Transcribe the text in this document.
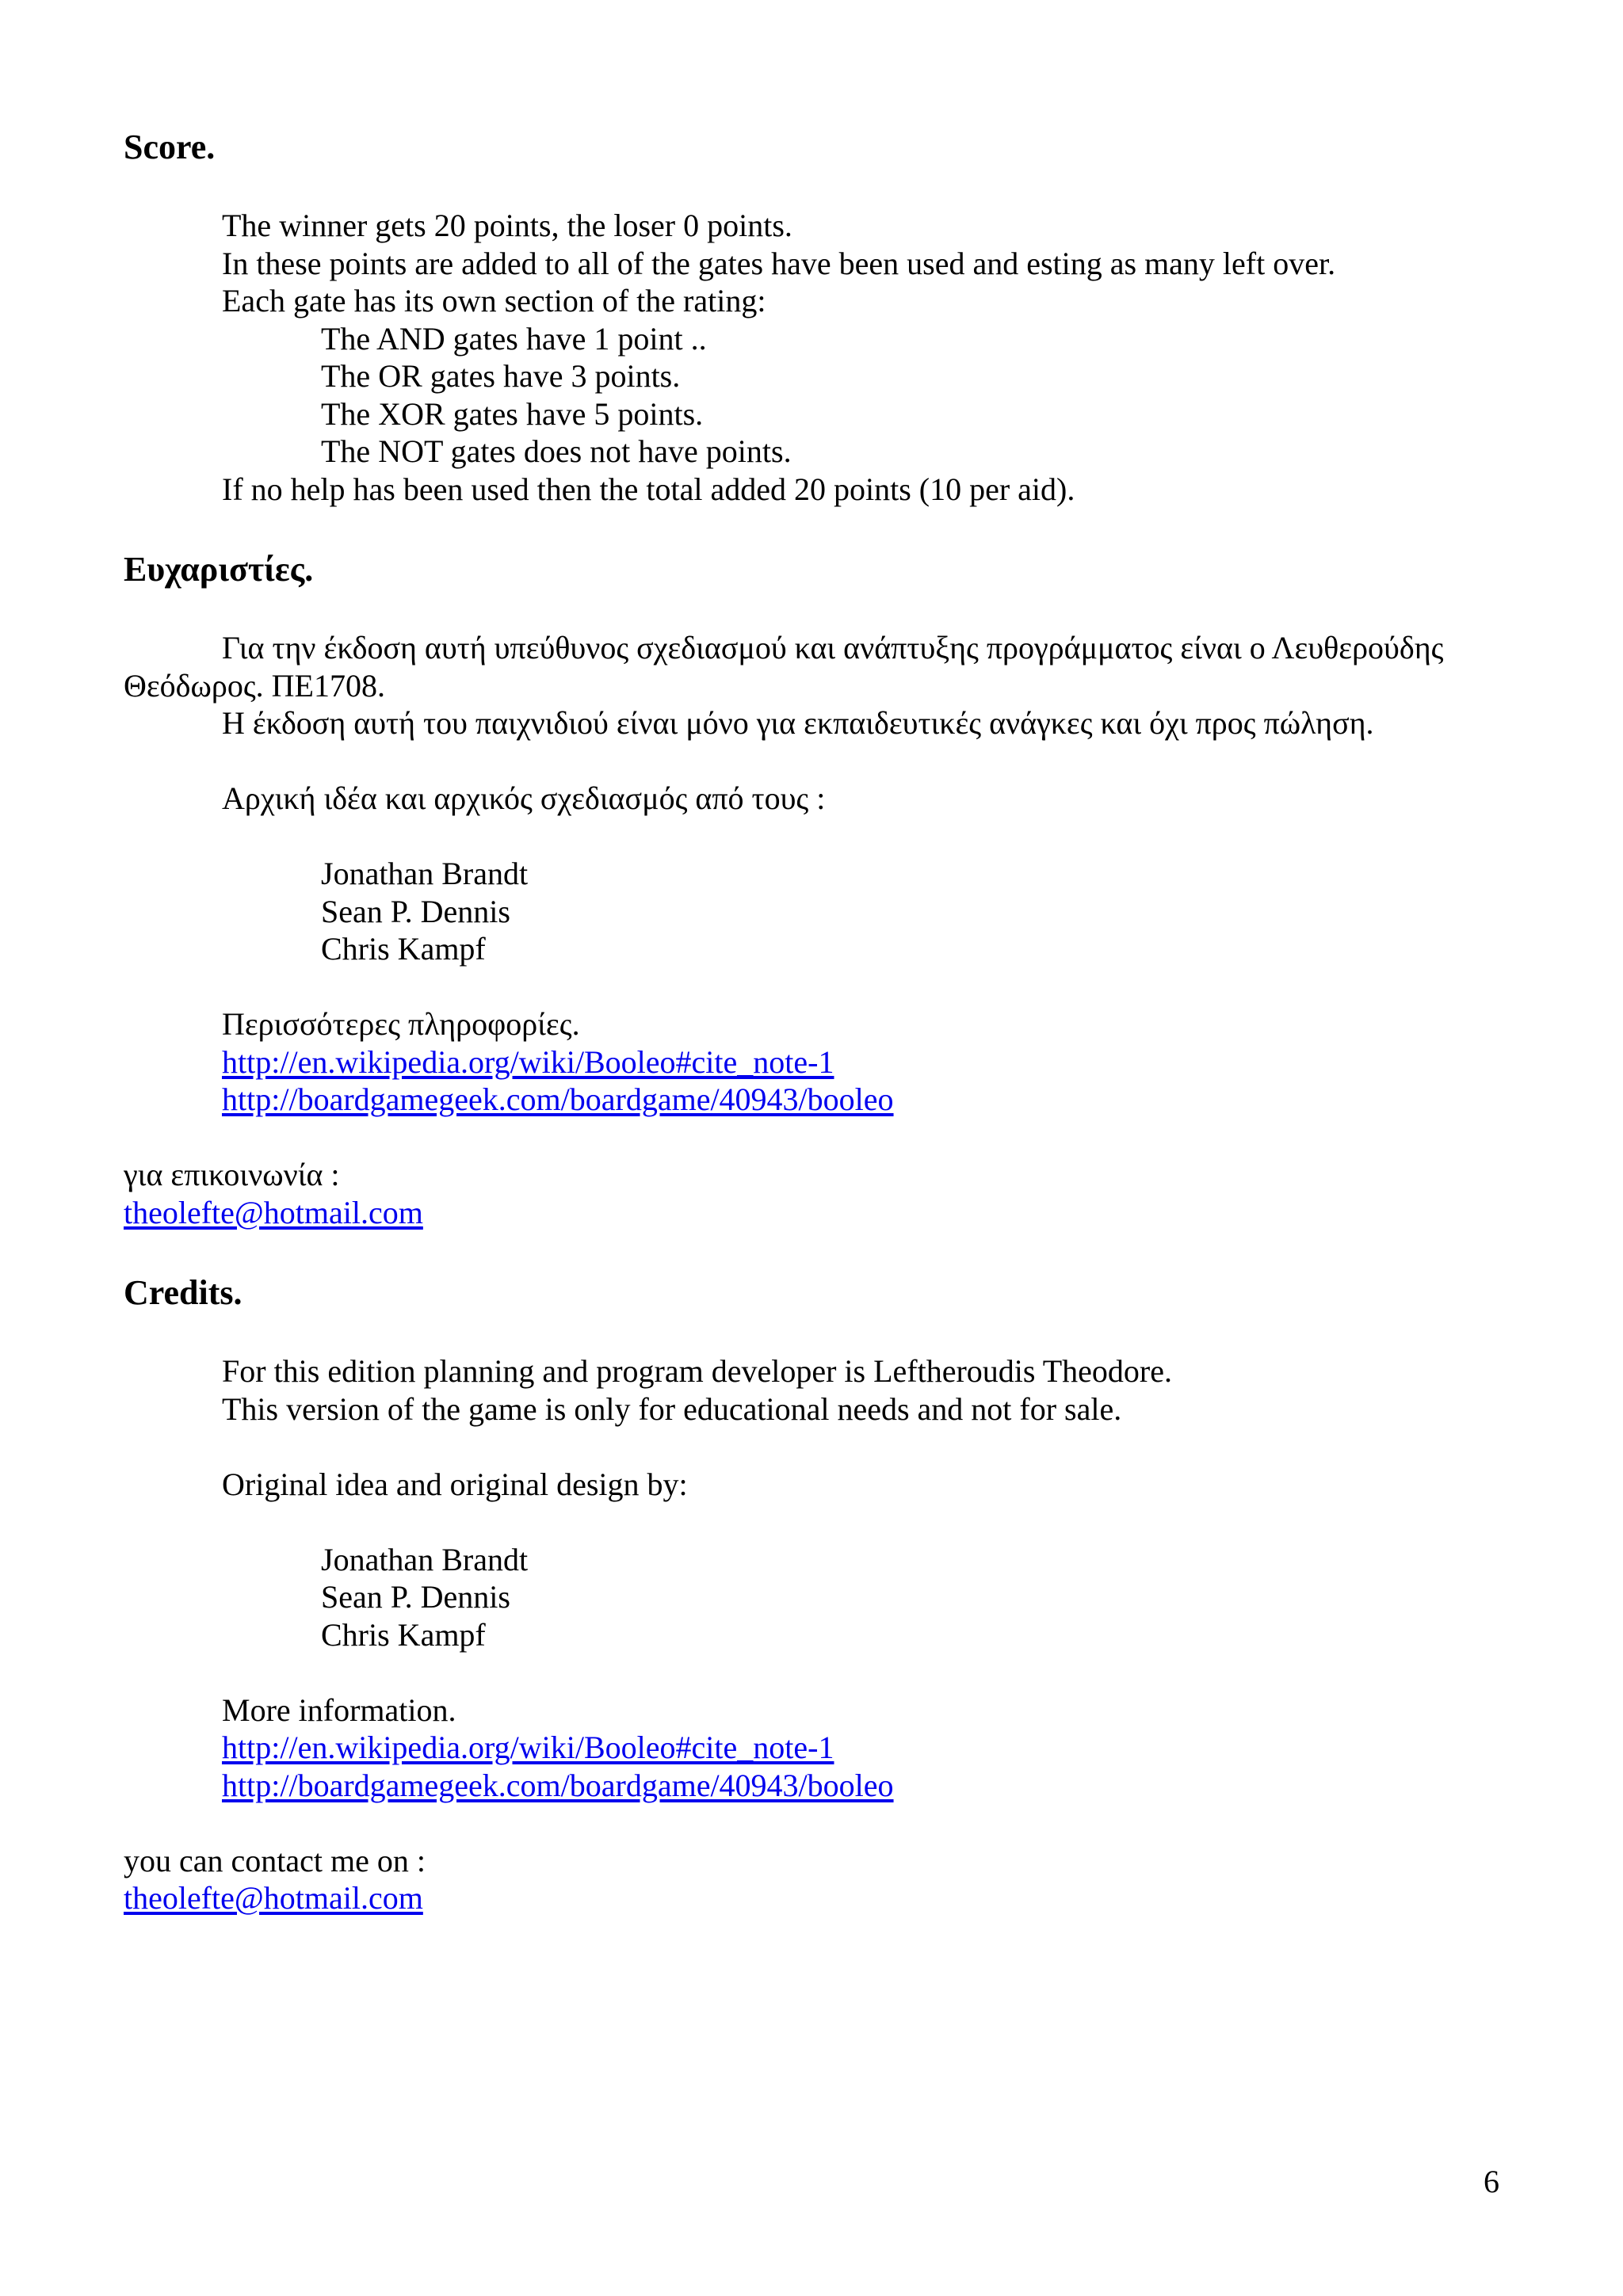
Score.
The winner gets 20 points, the loser 0 points.
In these points are added to all of the gates have been used and esting as many left over.
Each gate has its own section of the rating:
The AND gates have 1 point ..
The OR gates have 3 points.
The XOR gates have 5 points.
The NOT gates does not have points.
If no help has been used then the total added 20 points (10 per aid).
Ευχαριστίες.
Για την έκδοση αυτή υπεύθυνος σχεδιασμού και ανάπτυξης προγράμματος είναι ο Λευθερούδης
Θεόδωρος. ΠΕ1708.
Η έκδοση αυτή του παιχνιδιού είναι μόνο για εκπαιδευτικές ανάγκες και όχι προς πώληση.
Αρχική ιδέα και αρχικός σχεδιασμός από τους :
Jonathan Brandt
Sean P. Dennis
Chris Kampf
Περισσότερες πληροφορίες.
http://en.wikipedia.org/wiki/Booleo#cite_note-1
http://boardgamegeek.com/boardgame/40943/booleo
για επικοινωνία :
theolefte@hotmail.com
Credits.
For this edition planning and program developer is Leftheroudis Theodore.
This version of the game is only for educational needs and not for sale.
Original idea and original design by:
Jonathan Brandt
Sean P. Dennis
Chris Kampf
More information.
http://en.wikipedia.org/wiki/Booleo#cite_note-1
http://boardgamegeek.com/boardgame/40943/booleo
you can contact me on :
theolefte@hotmail.com
6
